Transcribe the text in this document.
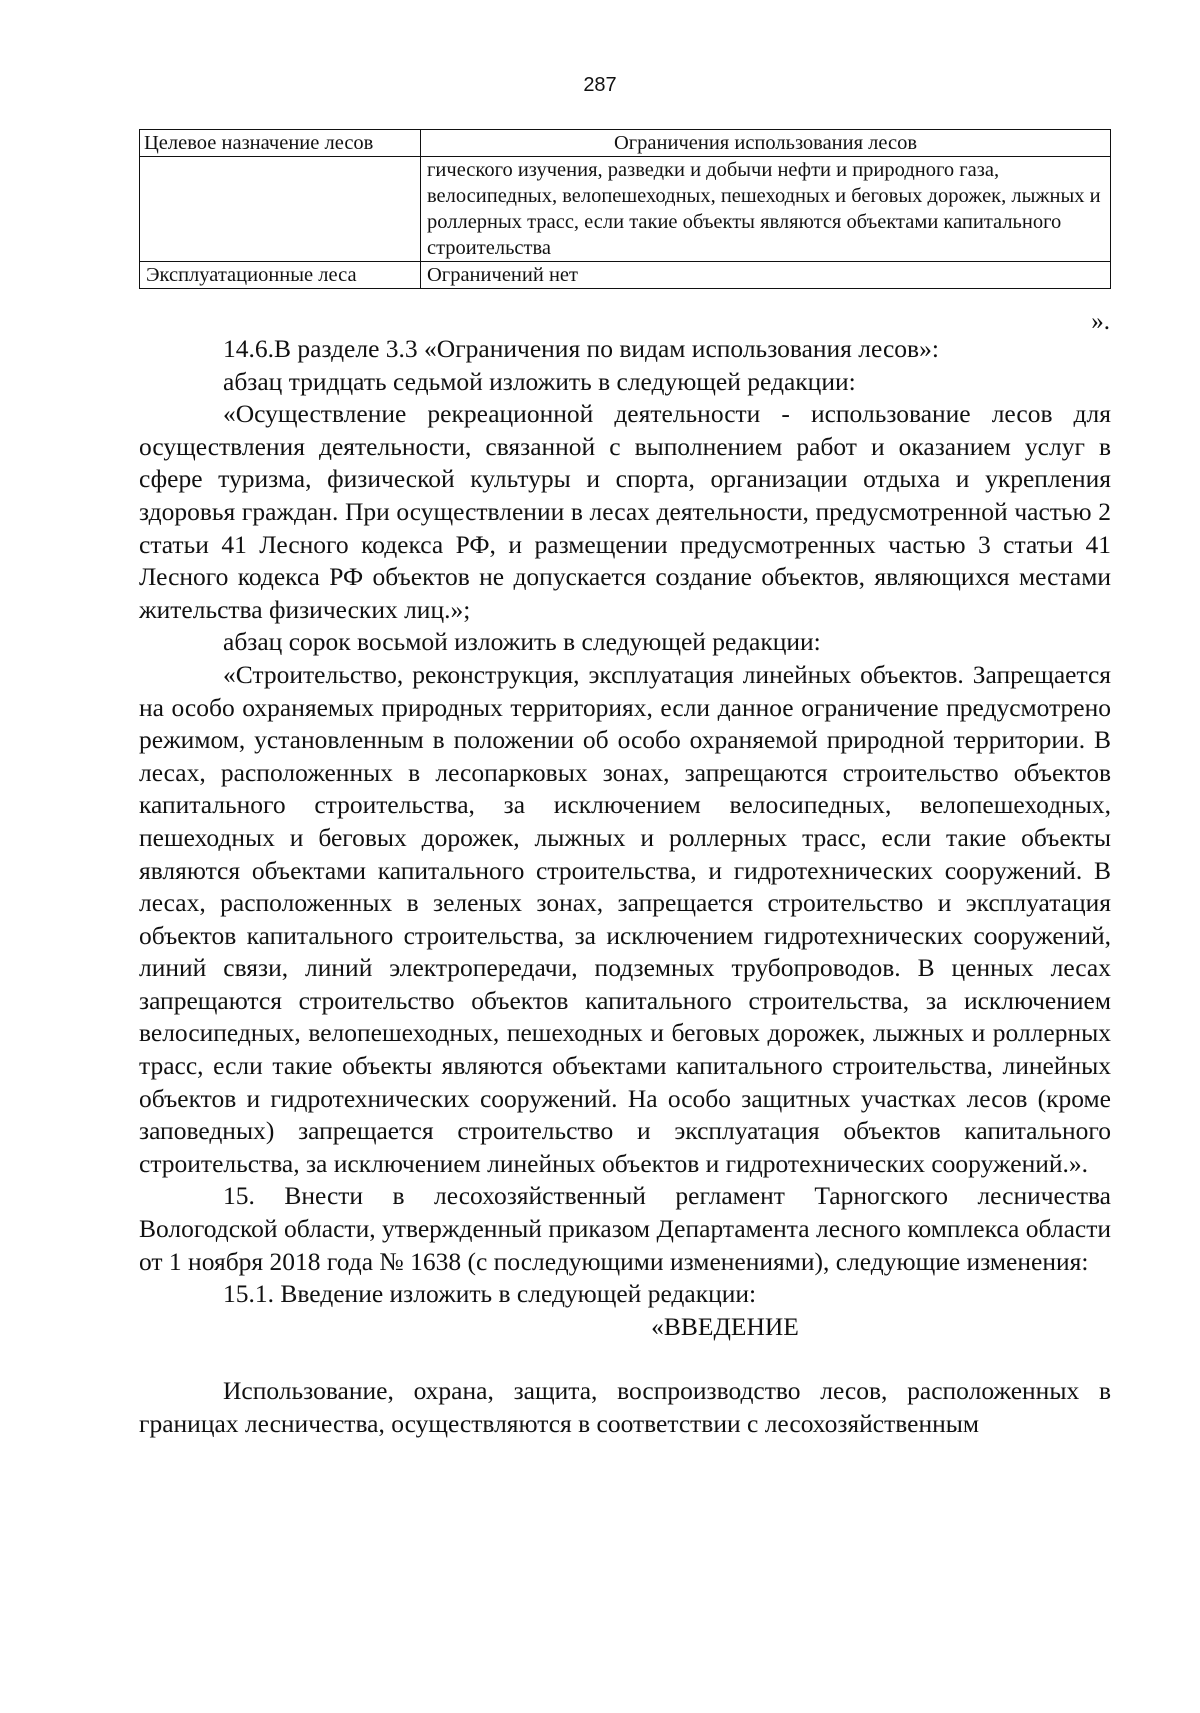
287
Целевое назначение лесов	Ограничения использования лесов
	гического изучения, разведки и добычи нефти и природного газа, велосипедных, велопешеходных, пешеходных и беговых дорожек, лыжных и роллерных трасс, если такие объекты являются объектами капитального строительства
Эксплуатационные леса	Ограничений нет
».

14.6.В разделе 3.3 «Ограничения по видам использования лесов»:

абзац тридцать седьмой изложить в следующей редакции:

«Осуществление рекреационной деятельности - использование лесов для осуществления деятельности, связанной с выполнением работ и оказанием услуг в сфере туризма, физической культуры и спорта, организации отдыха и укрепления здоровья граждан. При осуществлении в лесах деятельности, предусмотренной частью 2 статьи 41 Лесного кодекса РФ, и размещении предусмотренных частью 3 статьи 41 Лесного кодекса РФ объектов не допускается создание объектов, являющихся местами жительства физических лиц.»;

абзац сорок восьмой изложить в следующей редакции:

«Строительство, реконструкция, эксплуатация линейных объектов. Запрещается на особо охраняемых природных территориях, если данное ограничение предусмотрено режимом, установленным в положении об особо охраняемой природной территории. В лесах, расположенных в лесопарковых зонах, запрещаются строительство объектов капитального строительства, за исключением велосипедных, велопешеходных, пешеходных и беговых дорожек, лыжных и роллерных трасс, если такие объекты являются объектами капитального строительства, и гидротехнических сооружений. В лесах, расположенных в зеленых зонах, запрещается строительство и эксплуатация объектов капитального строительства, за исключением гидротехнических сооружений, линий связи, линий электропередачи, подземных трубопроводов. В ценных лесах запрещаются строительство объектов капитального строительства, за исключением велосипедных, велопешеходных, пешеходных и беговых дорожек, лыжных и роллерных трасс, если такие объекты являются объектами капитального строительства, линейных объектов и гидротехнических сооружений. На особо защитных участках лесов (кроме заповедных) запрещается строительство и эксплуатация объектов капитального строительства, за исключением линейных объектов и гидротехнических сооружений.».

15. Внести в лесохозяйственный регламент Тарногского лесничества Вологодской области, утвержденный приказом Департамента лесного комплекса области от 1 ноября 2018 года № 1638 (с последующими изменениями), следующие изменения:

15.1. Введение изложить в следующей редакции:

«ВВЕДЕНИЕ

Использование, охрана, защита, воспроизводство лесов, расположенных в границах лесничества, осуществляются в соответствии с лесохозяйственным
